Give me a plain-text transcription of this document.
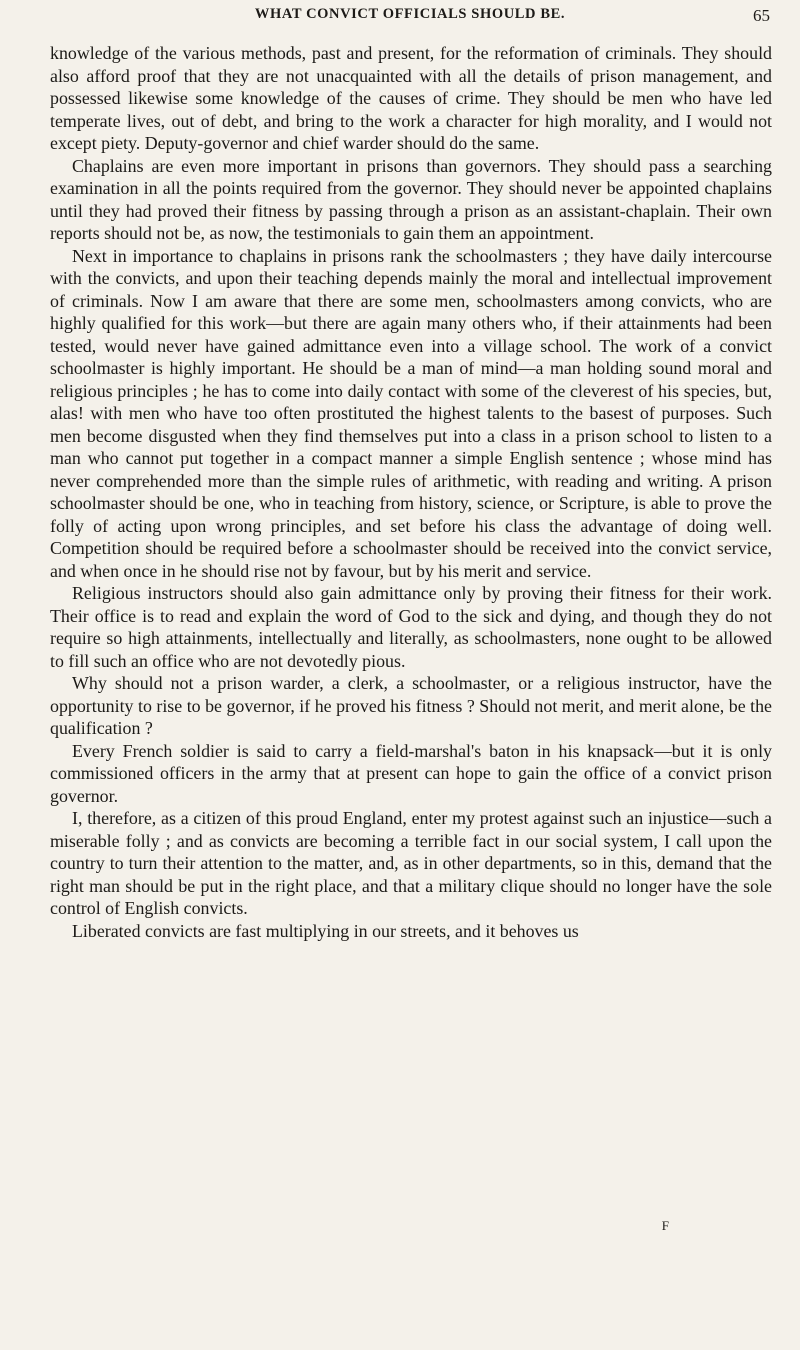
WHAT CONVICT OFFICIALS SHOULD BE.	65

knowledge of the various methods, past and present, for the reformation of criminals. They should also afford proof that they are not unacquainted with all the details of prison management, and possessed likewise some knowledge of the causes of crime. They should be men who have led temperate lives, out of debt, and bring to the work a character for high morality, and I would not except piety. Deputy-governor and chief warder should do the same.

Chaplains are even more important in prisons than governors. They should pass a searching examination in all the points required from the governor. They should never be appointed chaplains until they had proved their fitness by passing through a prison as an assistant-chaplain. Their own reports should not be, as now, the testimonials to gain them an appointment.

Next in importance to chaplains in prisons rank the schoolmasters ; they have daily intercourse with the convicts, and upon their teaching depends mainly the moral and intellectual improvement of criminals. Now I am aware that there are some men, schoolmasters among convicts, who are highly qualified for this work—but there are again many others who, if their attainments had been tested, would never have gained admittance even into a village school. The work of a convict schoolmaster is highly important. He should be a man of mind—a man holding sound moral and religious principles ; he has to come into daily contact with some of the cleverest of his species, but, alas! with men who have too often prostituted the highest talents to the basest of purposes. Such men become disgusted when they find themselves put into a class in a prison school to listen to a man who cannot put together in a compact manner a simple English sentence ; whose mind has never comprehended more than the simple rules of arithmetic, with reading and writing. A prison schoolmaster should be one, who in teaching from history, science, or Scripture, is able to prove the folly of acting upon wrong principles, and set before his class the advantage of doing well. Competition should be required before a schoolmaster should be received into the convict service, and when once in he should rise not by favour, but by his merit and service.

Religious instructors should also gain admittance only by proving their fitness for their work. Their office is to read and explain the word of God to the sick and dying, and though they do not require so high attainments, intellectually and literally, as schoolmasters, none ought to be allowed to fill such an office who are not devotedly pious.

Why should not a prison warder, a clerk, a schoolmaster, or a religious instructor, have the opportunity to rise to be governor, if he proved his fitness ? Should not merit, and merit alone, be the qualification ?

Every French soldier is said to carry a field-marshal's baton in his knapsack—but it is only commissioned officers in the army that at present can hope to gain the office of a convict prison governor.

I, therefore, as a citizen of this proud England, enter my protest against such an injustice—such a miserable folly ; and as convicts are becoming a terrible fact in our social system, I call upon the country to turn their attention to the matter, and, as in other departments, so in this, demand that the right man should be put in the right place, and that a military clique should no longer have the sole control of English convicts.

Liberated convicts are fast multiplying in our streets, and it behoves us

F
